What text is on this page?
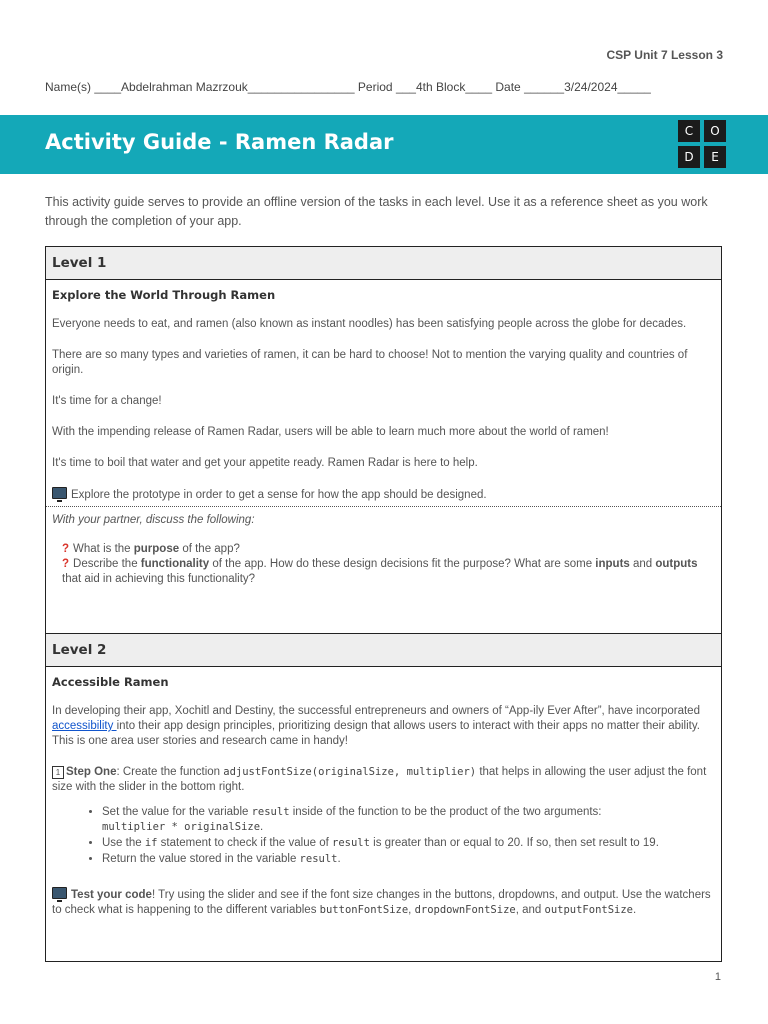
CSP Unit 7 Lesson 3
Name(s) ____Abdelrahman Mazrzouk________________ Period ___4th Block____ Date ______3/24/2024_____
Activity Guide - Ramen Radar	C	O
D	E
This activity guide serves to provide an offline version of the tasks in each level. Use it as a reference sheet as you work through the completion of your app.
Level 1
Explore the World Through Ramen

Everyone needs to eat, and ramen (also known as instant noodles) has been satisfying people across the globe for decades.

There are so many types and varieties of ramen, it can be hard to choose! Not to mention the varying quality and countries of origin.

It's time for a change!

With the impending release of Ramen Radar, users will be able to learn much more about the world of ramen!

It's time to boil that water and get your appetite ready. Ramen Radar is here to help.

Explore the prototype in order to get a sense for how the app should be designed.

With your partner, discuss the following:
? What is the purpose of the app?
? Describe the functionality of the app. How do these design decisions fit the purpose? What are some inputs and outputs that aid in achieving this functionality?
Level 2
Accessible Ramen

In developing their app, Xochitl and Destiny, the successful entrepreneurs and owners of “App-ily Ever After”, have incorporated accessibility into their app design principles, prioritizing design that allows users to interact with their apps no matter their ability. This is one area user stories and research came in handy!

1 Step One: Create the function adjustFontSize(originalSize, multiplier) that helps in allowing the user adjust the font size with the slider in the bottom right.

• Set the value for the variable result inside of the function to be the product of the two arguments:
multiplier * originalSize.
• Use the if statement to check if the value of result is greater than or equal to 20. If so, then set result to 19.
• Return the value stored in the variable result.

Test your code! Try using the slider and see if the font size changes in the buttons, dropdowns, and output. Use the watchers to check what is happening to the different variables buttonFontSize, dropdownFontSize, and outputFontSize.

1
